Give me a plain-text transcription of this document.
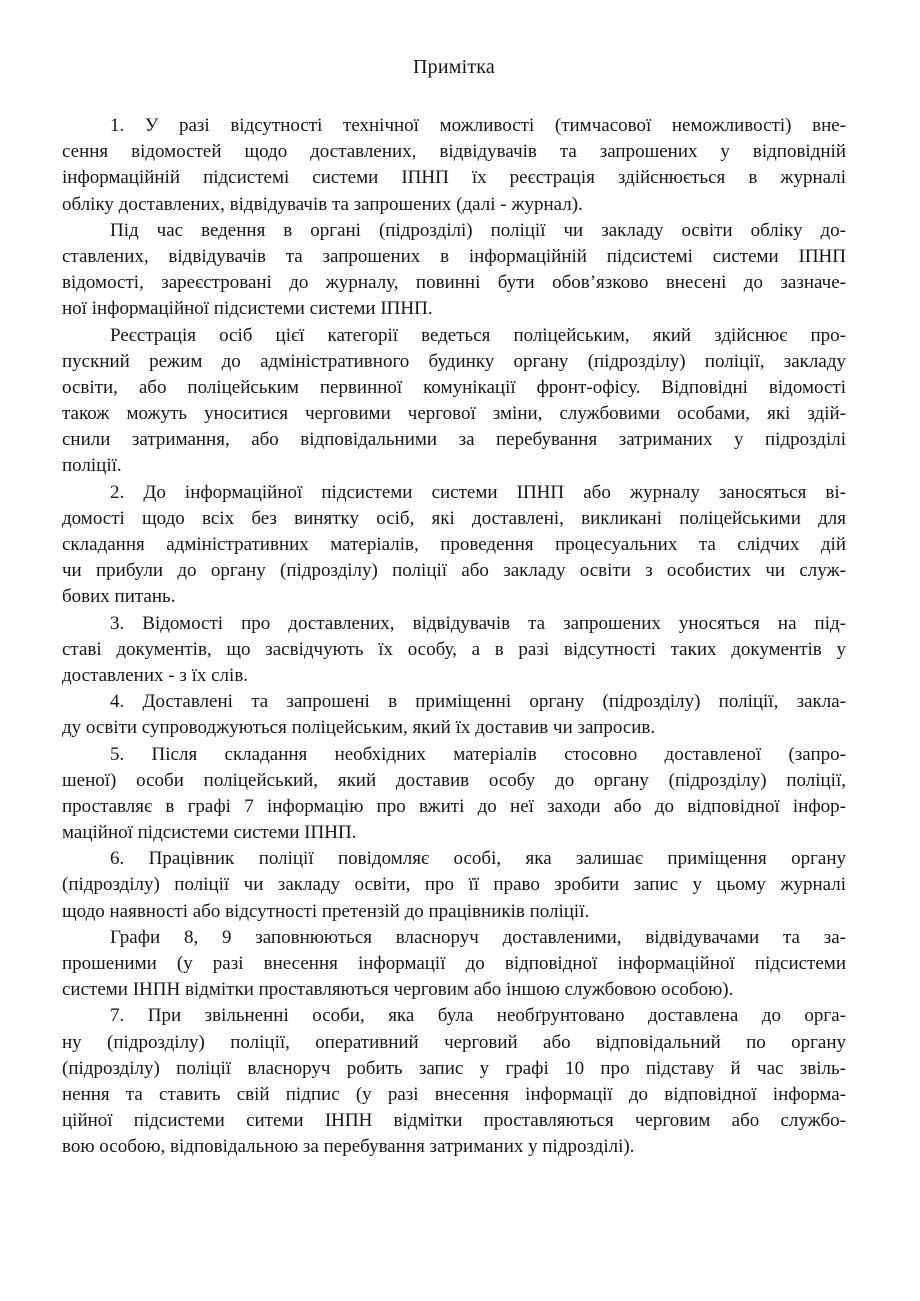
Примітка
1. У разі відсутності технічної можливості (тимчасової неможливості) вне-
сення відомостей щодо доставлених, відвідувачів та запрошених у відповідній
інформаційній підсистемі системи ІПНП їх реєстрація здійснюється в журналі
обліку доставлених, відвідувачів та запрошених (далі - журнал).
Під час ведення в органі (підрозділі) поліції чи закладу освіти обліку до-
ставлених, відвідувачів та запрошених в інформаційній підсистемі системи ІПНП
відомості, зареєстровані до журналу, повинні бути обов’язково внесені до зазначе-
ної інформаційної підсистеми системи ІПНП.
Реєстрація осіб цієї категорії ведеться поліцейським, який здійснює про-
пускний режим до адміністративного будинку органу (підрозділу) поліції, закладу
освіти, або поліцейським первинної комунікації фронт-офісу. Відповідні відомості
також можуть уноситися черговими чергової зміни, службовими особами, які здій-
снили затримання, або відповідальними за перебування затриманих у підрозділі
поліції.
2. До інформаційної підсистеми системи ІПНП або журналу заносяться ві-
домості щодо всіх без винятку осіб, які доставлені, викликані поліцейськими для
складання адміністративних матеріалів, проведення процесуальних та слідчих дій
чи прибули до органу (підрозділу) поліції або закладу освіти з особистих чи служ-
бових питань.
3. Відомості про доставлених, відвідувачів та запрошених уносяться на під-
ставі документів, що засвідчують їх особу, а в разі відсутності таких документів у
доставлених - з їх слів.
4. Доставлені та запрошені в приміщенні органу (підрозділу) поліції, закла-
ду освіти супроводжуються поліцейським, який їх доставив чи запросив.
5. Після складання необхідних матеріалів стосовно доставленої (запро-
шеної) особи поліцейський, який доставив особу до органу (підрозділу) поліції,
проставляє в графі 7 інформацію про вжиті до неї заходи або до відповідної інфор-
маційної підсистеми системи ІПНП.
6. Працівник поліції повідомляє особі, яка залишає приміщення органу
(підрозділу) поліції чи закладу освіти, про її право зробити запис у цьому журналі
щодо наявності або відсутності претензій до працівників поліції.
Графи 8, 9 заповнюються власноруч доставленими, відвідувачами та за-
прошеними (у разі внесення інформації до відповідної інформаційної підсистеми
системи ІНПН відмітки проставляються черговим або іншою службовою особою).
7. При звільненні особи, яка була необґрунтовано доставлена до орга-
ну (підрозділу) поліції, оперативний черговий або відповідальний по органу
(підрозділу) поліції власноруч робить запис у графі 10 про підставу й час звіль-
нення та ставить свій підпис (у разі внесення інформації до відповідної інформа-
ційної підсистеми ситеми ІНПН відмітки проставляються черговим або службо-
вою особою, відповідальною за перебування затриманих у підрозділі).
